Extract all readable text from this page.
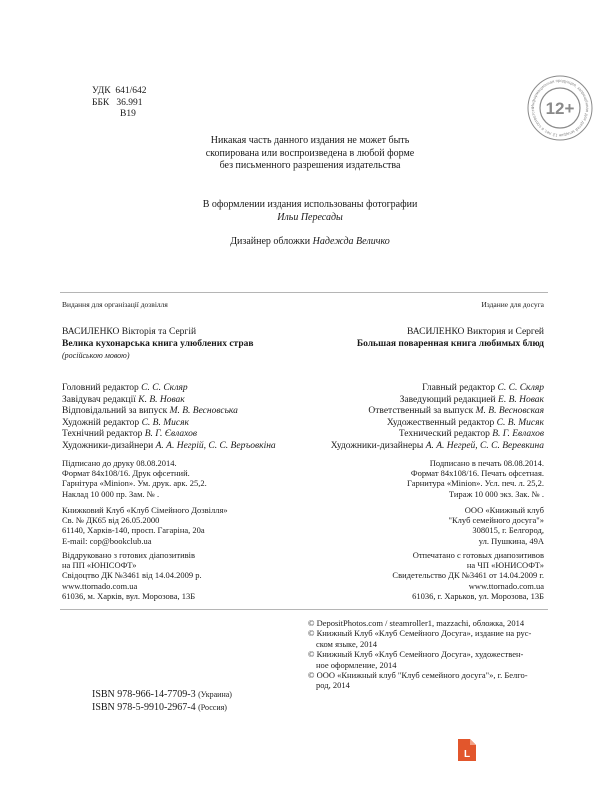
УДК 641/642
ББК 36.991
В19
Информационная продукция, запрещённая для детей младше 12 лет, в соответств 12+
Никакая часть данного издания не может быть
скопирована или воспроизведена в любой форме
без письменного разрешения издательства
В оформлении издания использованы фотографии
Ильи Пересады
Дизайнер обложки Надежда Величко
Видання для організації дозвілля	Издание для досуга
ВАСИЛЕНКО Вікторія та Сергій
Велика кухонарська книга улюблених страв
(російською мовою)
Головний редактор С. С. Скляр
Завідувач редакції К. В. Новак
Відповідальний за випуск М. В. Весновська
Художній редактор С. В. Мисяк
Технічний редактор В. Г. Євлахов
Художники-дизайнери А. А. Негрій, С. С. Веръовкіна
Підписано до друку 08.08.2014.
Формат 84x108/16. Друк офсетний.
Гарнітура «Minion». Ум. друк. арк. 25,2.
Наклад 10 000 пр. Зам. № .
Книжковий Клуб «Клуб Сімейного Дозвілля»
Св. № ДК65 від 26.05.2000
61140, Харків-140, просп. Гагаріна, 20а
E-mail: cop@bookclub.ua
Віддруковано з готових діапозитивів
на ПП «ЮНІСОФТ»
Свідоцтво ДК №3461 від 14.04.2009 р.
www.ttornado.com.ua
61036, м. Харків, вул. Морозова, 13Б
ВАСИЛЕНКО Виктория и Сергей
Большая поваренная книга любимых блюд
Главный редактор С. С. Скляр
Заведующий редакцией Е. В. Новак
Ответственный за выпуск М. В. Весновская
Художественный редактор С. В. Мисяк
Технический редактор В. Г. Евлахов
Художники-дизайнеры А. А. Негрей, С. С. Веревкина
Подписано в печать 08.08.2014.
Формат 84x108/16. Печать офсетная.
Гарнитура «Minion». Усл. печ. л. 25,2.
Тираж 10 000 экз. Зак. № .
ООО «Книжный клуб
"Клуб семейного досуга"»
308015, г. Белгород,
ул. Пушкина, 49А
Отпечатано с готовых диапозитивов
на ЧП «ЮНИСОФТ»
Свидетельство ДК №3461 от 14.04.2009 г.
www.ttornado.com.ua
61036, г. Харьков, ул. Морозова, 13Б
© DepositPhotos.com / steamroller1, mazzachi, обложка, 2014
© Книжный Клуб «Клуб Семейного Досуга», издание на рус-
ском языке, 2014
© Книжный Клуб «Клуб Семейного Досуга», художествен-
ное оформление, 2014
© ООО «Книжный клуб "Клуб семейного досуга"», г. Белго-
род, 2014
ISBN 978-966-14-7709-3 (Украина)
ISBN 978-5-9910-2967-4 (Россия)
L
